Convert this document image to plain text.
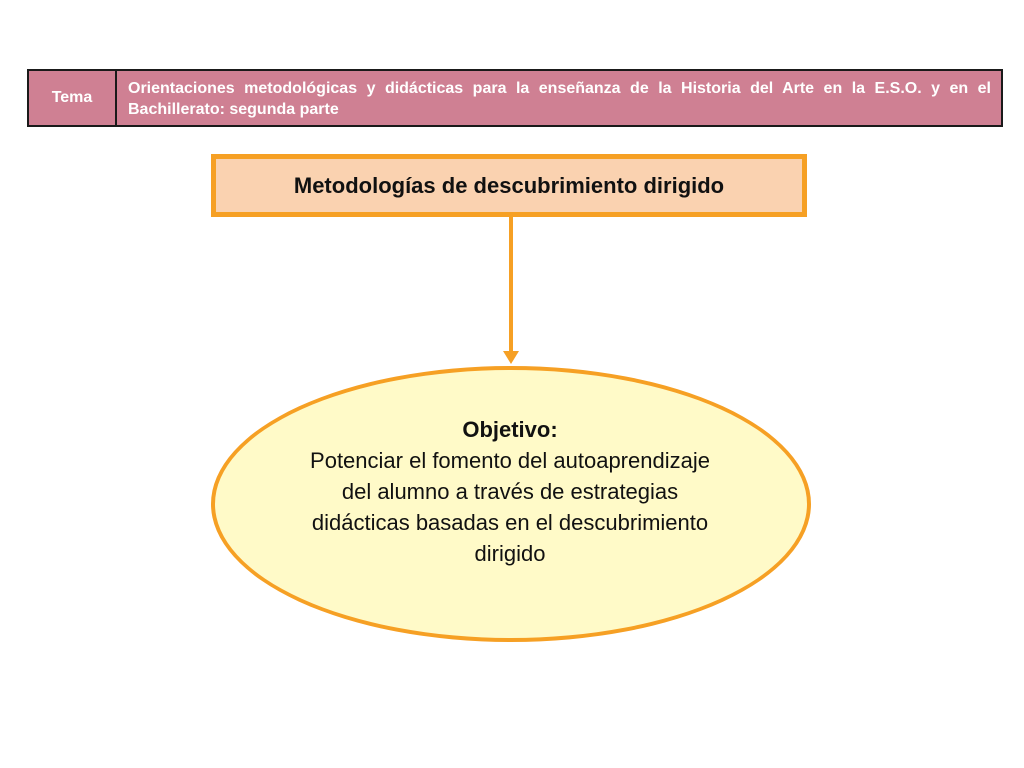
Tema	Orientaciones metodológicas y didácticas para la enseñanza de la Historia del Arte en la E.S.O. y en el Bachillerato: segunda parte
Metodologías de descubrimiento dirigido
Objetivo:
Potenciar el fomento del autoaprendizaje del alumno a través de estrategias didácticas basadas en el descubrimiento dirigido
